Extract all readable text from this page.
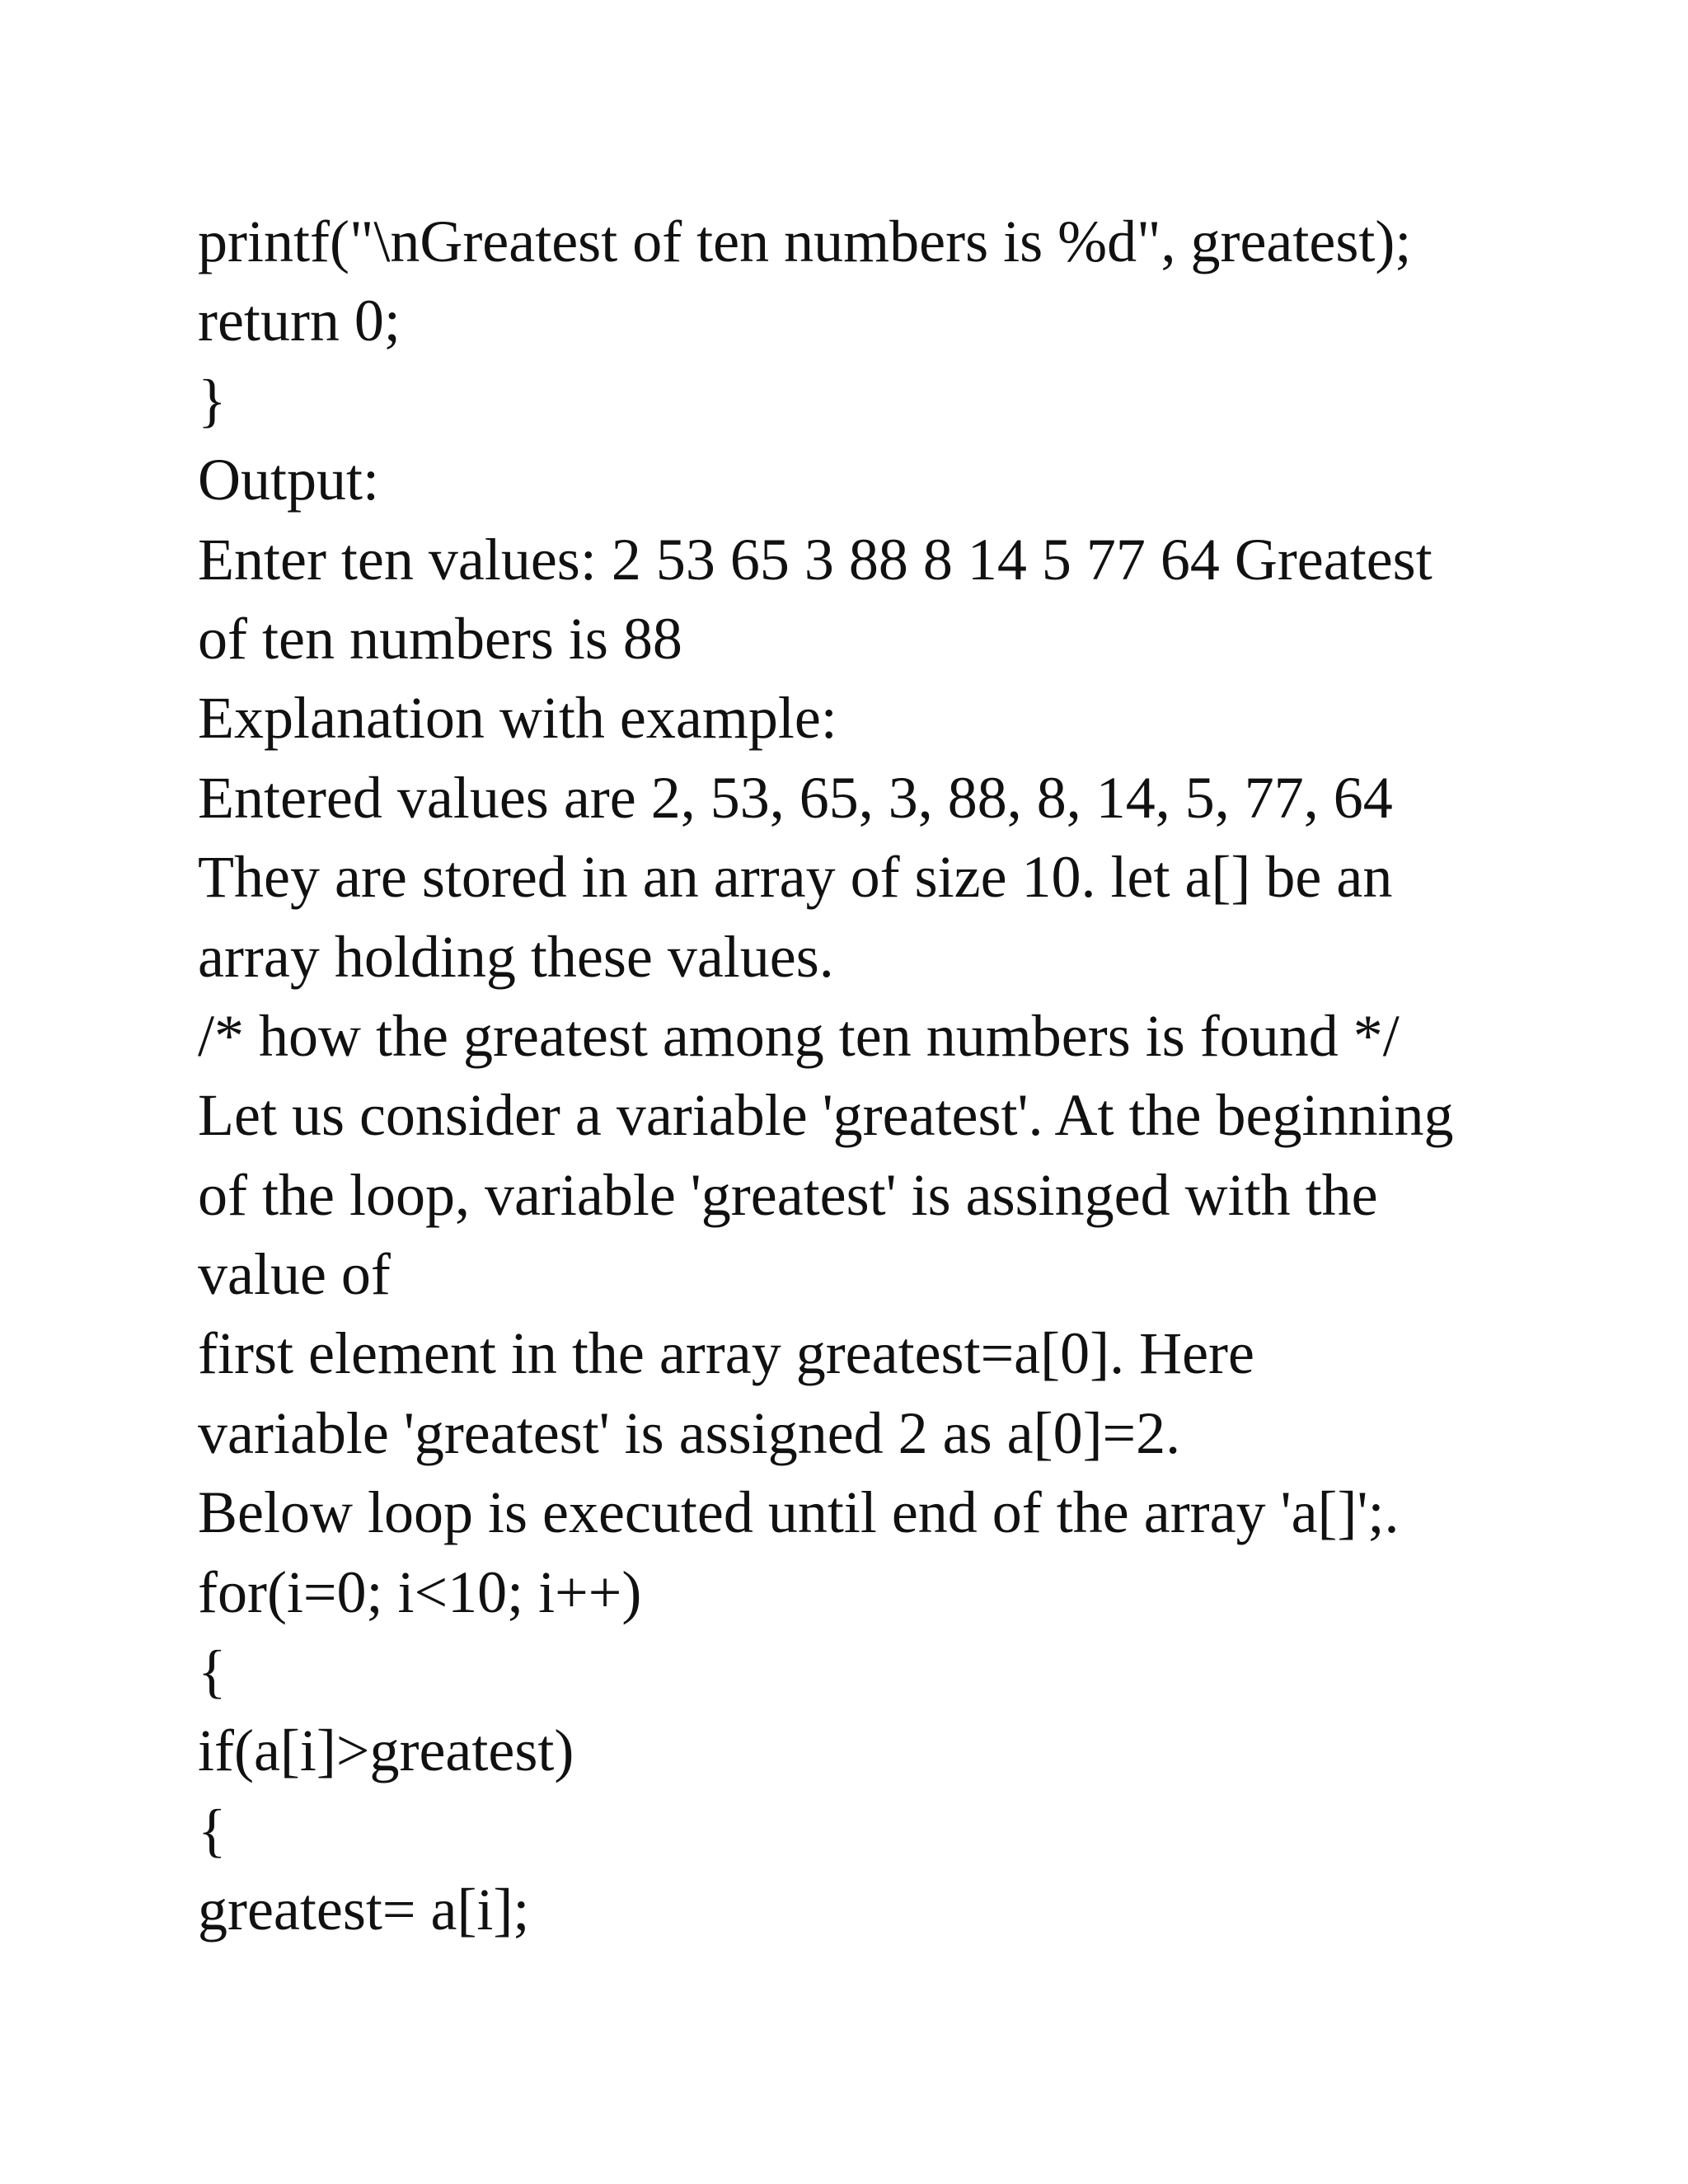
printf("\nGreatest of ten numbers is %d", greatest);
return 0;
}
Output:
Enter ten values: 2 53 65 3 88 8 14 5 77 64 Greatest
of ten numbers is 88
Explanation with example:
Entered values are 2, 53, 65, 3, 88, 8, 14, 5, 77, 64
They are stored in an array of size 10. let a[] be an
array holding these values.
/* how the greatest among ten numbers is found */
Let us consider a variable 'greatest'. At the beginning
of the loop, variable 'greatest' is assinged with the
value of
first element in the array greatest=a[0]. Here
variable 'greatest' is assigned 2 as a[0]=2.
Below loop is executed until end of the array 'a[]';.
for(i=0; i<10; i++)
{
if(a[i]>greatest)
{
greatest= a[i];
